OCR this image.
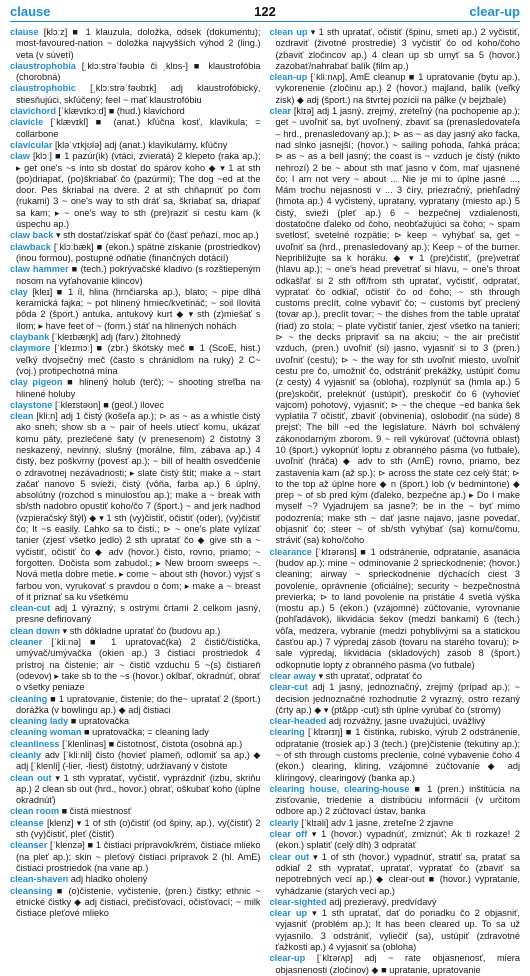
clause	122	clear-up

clause [klɔːz] ■ 1 klauzula, doložka, odsek (dokumentu); most-favoured-nation ~ doložka najvyšších výhod 2 (ling.) veta (v súvetí)

claustrophobia [ˌklɔːstrəˈfəʊbiə či ˌklɒs-] ■ klaustrofóbia (chorobná)

claustrophobic [ˌklɔːstrəˈfəʊbɪk] adj klaustrofóbický, stiesňujúci, skľúčený; feel ~ mať klaustrofóbiu

clavichord [ˈklævɪkɔːd] ■ (hud.) klavichord

clavicle [ˈklævɪkl] ■ (anat.) kľúčna kosť, klavikula; = collarbone

clavicular [kləˈvɪkjʊlə] adj (anat.) klavikulárny, kľúčny

claw [klɔː] ■ 1 pazúr(ik) (vtáci, zvieratá) 2 klepeto (raka ap.); ▸ get one's ~s into sb dostať do spárov koho ◆ ▾ 1 at sth (po)driapať, (po)škriabať čo (pazúrmi); The dog ~ed at the door. Pes škriabal na dvere. 2 at sth chňapnúť po čom (rukami) 3 ~ one's way to sth dráť sa, škriabať sa, driapať sa kam; ▸ ~ one's way to sth (pre)raziť si cestu kam (k úspechu ap.)

claw back ▾ sth dostať/získať späť čo (časť peňazí, moc ap.)

clawback [ˈklɔːbæk] ■ (ekon.) spätné získanie (prostriedkov) (inou formou), postupné odňatie (finančných dotácií)

claw hammer ■ (tech.) pokrývačské kladivo (s rozštiepeným nosom na vyťahovanie klincov)

clay [kleɪ] ■ 1 íl, hlina (hrnčiarska ap.), blato; ~ pipe dlhá keramická fajka; ~ pot hlinený hrniec/kvetináč; ~ soil ílovitá pôda 2 (šport.) antuka, antukový kurt ◆ ▾ sth (z)miešať s ílom; ▸ have feet of ~ (form.) stáť na hlinených nohách

claybank [ˈkleɪbæŋk] adj (farv.) žltohnedý

claymore [ˈkleɪmɔː] ■ (zbr.) škótsky meč ■ 1 (ScoE, hist.) veľký dvojsečný meč (často s chránidlom na ruky) 2 C~ (voj.) protipechotná mína

clay pigeon ■ hlinený holub (terč); ~ shooting streľba na hlinené holuby

claystone [ˈkleɪstəʊn] ■ (geol.) ílovec

clean [kliːn] adj 1 čistý (košeľa ap.); ⊳ as ~ as a whistle čistý ako sneh; show sb a ~ pair of heels utiecť komu, ukázať komu päty, prezlečené šaty (v prenesenom) 2 čistotný 3 neskazený, nevinný, slušný (morálne, film, zábava ap.) 4 čistý, bez poškvrny (povesť ap.); ~ bill of health osvedčenie o zdravotnej nezávadnosti; ▸ slate čistý štít; make a ~ start začať nanovo 5 svieži, čistý (vôňa, farba ap.) 6 úplný, absolútny (rozchod s minulosťou ap.); make a ~ break with sb/sth nadobro opustiť koho/čo 7 (šport.) ~ and jerk nadhod (vzpieračský štýl) ◆ ▾ 1 sth (vy)čistiť, očistiť (oder), (vy)čistiť čo; It ~s easily. Ľahko sa to čistí.; ⊳ ~ one's plate vylízať tanier (zjesť všetko jedlo) 2 sth upratať čo ◆ give sth a ~ vyčistiť, očistiť čo ◆ adv (hovor.) čisto, rovno, priamo; ~ forgotten. Dočista som zabudol.; ▸ New broom sweeps ~. Nová metla dobre metie. ▸ come ~ about sth (hovor.) vyjsť s farbou von, vyrukovať s pravdou o čom; ▸ make a ~ breast of it priznať sa ku všetkému

clean-cut adj 1 výrazný, s ostrými črtami 2 celkom jasný, presne definovaný

clean down ▾ sth dôkladne upratať čo (budovu ap.)

cleaner [ˈkliːnə] ■ 1 upratovač(ka) 2 čistič/čistička, umývač/umývačka (okien ap.) 3 čistiaci prostriedok 4 prístroj na čistenie; air ~ čistič vzduchu 5 ~(s) čistiareň (odevov) ▸ take sb to the ~s (hovor.) oklbať, okradnúť, obrať o všetky peniaze

cleaning ■ 1 upratovanie, čistenie; do the~ upratať 2 (šport.) dorážka (v bowlingu ap.) ◆ adj čistiaci

cleaning lady ■ upratovačka

cleaning woman ■ upratovačka; = cleaning lady

cleanliness [ˈklenlinəs] ■ čistotnosť, čistota (osobná ap.)

cleanly adv [ˈkliːnli] čisto (hovieť plameň, odlomiť sa ap.) ◆ adj [ˈklenli] (-lier, -liest) čistotný, udržiavaný v čistote

clean out ▾ 1 sth vypratať, vyčistiť, vyprázdniť (izbu, skriňu ap.) 2 clean sb out (hrd., hovor.) obrať, oškubať koho (úplne okradnúť)

clean room ■ čistá miestnosť

cleanse [klenz] ▾ 1 of sth (o)čistiť (od špiny, ap.), vy(čistiť) 2 sth (vy)čistiť, pleť (čistiť)

cleanser [ˈklenzə] ■ 1 čistiaci prípravok/krém, čistiace mlieko (na pleť ap.); skin ~ pleťový čistiaci prípravok 2 (hl. AmE) čistiaci prostriedok (na vane ap.)

clean-shaven adj hladko oholený

cleansing ■ (o)čistenie, vyčistenie, (pren.) čistky; ethnic ~ etnické čistky ◆ adj čistiaci, prečisťovací, očisťovací; ~ milk čistiace pleťové mlieko

clean up ▾ 1 sth upratať, očistiť (špinu, smeti ap.) 2 vyčistiť, ozdraviť (životné prostredie) 3 vyčistiť čo od koho/čoho (zbaviť zločincov ap.) 4 clean up sb umyť sa 5 (hovor.) zazobať/nahrabať balík (film ap.)

clean-up [ˈkliːnʌp], AmE cleanup ■ 1 upratovanie (bytu ap.), vykorenenie (zločinu ap.) 2 (hovor.) majland, balík (veľký zisk) ◆ adj (šport.) na štvrtej pozícii na pálke (v bejzbale)

clear [klɪə] adj 1 jasný, zrejmý, zreteľný (na pochopenie ap.); get ~ uvoľniť sa, byť uvoľnený, zbaviť sa (prenasledovateľa – hrd., prenasledovaný ap.); ⊳ as ~ as day jasný ako facka, nad slnko jasnejší; (hovor.) ~ sailing pohoda, ľahká práca; ⊳ as ~ as a bell jasný; the coast is ~ vzduch je čistý (nikto nehrozí) 2 be ~ about sth mať jasno v čom, mať ujasnené čo; I am not very ~ about ... Nie je mi to úplne jasné ..., Mám trochu nejasnosti v ... 3 číry, priezračný, priehľadný (hmota ap.) 4 vyčistený, upratany, vypratany (miesto ap.) 5 čistý, svieži (pleť ap.) 6 ~ bezpečnej vzdialenosti, dostatočne ďaleko od čoho, neobťažujúci sa čoho; ~ spam svetlosť, svetelné rozpätie; ⊳ keep ~ vyhýbať sa, get ~ uvoľniť sa (hrd., prenasledovaný ap.); Keep ~ of the burner. Nepribližujte sa k horáku. ◆ ▾ 1 (pre)čistiť, (pre)vetrať (hlavu ap.); ~ one's head prevetrať si hlavu, ~ one's throat odkašľať si 2 sth off/from sth upratať, vyčistiť, odpratať, vypratať čo odkiaľ, očistiť čo od čoho; ~ sth through customs preclít, colne vybaviť čo; ~ customs byť preclený (tovar ap.), preclít tovar; ~ the dishes from the table upratať (riad) zo stola; ~ plate vyčistiť tanier, zjesť všetko na tanieri; ⊳ ~ the decks pripraviť sa na akciu; ~ the air prečistiť vzduch, (pren.) uvoľniť (si) jasno, vyjasniť si to 3 (pren.) uvoľniť (cestu); ⊳ ~ the way for sth uvoľniť miesto, uvoľniť cestu pre čo, umožniť čo, odstrániť prekážky, ustúpiť čomu (z cesty) 4 vyjasniť sa (obloha), rozplynúť sa (hmla ap.) 5 (pre)skočiť, preleknúť (ustúpiť), preskočiť čo 6 (vyhovieť vajcom) pohotový, vyjasniť; ⊳ ~ the cheque ~ed banka šek vyplatila 7 očistiť, zbaviť (obvinenia), oslobodiť (na súde) 8 prejsť; The bill ~ed the legislature. Návrh bol schválený zákonodarným zborom. 9 ~ rell vykúrovať (účtovná oblast) 10 (šport.) vykopnúť loptu z obranného pásma (vo futbale), uvoľniť (hráča) ◆ adv to sth (AmE) rovno, priamo, bez zastavenia kam (až sp.); ⊳ across the state cez celý štát; ⊳ to the top až úplne hore ◆ n (šport.) lob (v bedmintone) ◆ prep ~ of sb pred kým (ďaleko, bezpečne ap.) ▸ Do I make myself ~? Vyjadrujem sa jasne?; be in the ~ byť mimo podozrenia; make sth ~ dať jasne najavo, jasne povedať, objasniť čo; steer ~ of sb/sth vyhýbať (sa) komu/čomu, stráviť (sa) koho/čoho

clearance [ˈklɪərəns] ■ 1 odstránenie, odpratanie, asanácia (budov ap.); mine ~ odminovanie 2 sprieckodnenie; (hovor.) cleaning; airway ~ sprieckodnenie dýchacích ciest 3 povolenie, oprávnenie (oficiálne); security ~ bezpečnostná previerka; ⊳ to land povolenie na pristátie 4 svetlá výška (mostu ap.) 5 (ekon.) (vzájomné) zúčtovanie, vyrovnanie (pohľadávok), likvidácia šekov (medzi bankami) 6 (tech.) vôľa, medzera, vybranie (medzi pohyblivými sa a statickou časťou ap.) 7 výpredaj zásob (tovaru na starého tovaru); ⊳ sale výpredaj, likvidácia (skladových) zásob 8 (šport.) odkopnutie lopty z obranného pásma (vo futbale)

clear away ▾ sth upratať, odpratať čo

clear-cut adj 1 jasný, jednoznačný, zrejmý (prípad ap.); ~ decision jednoznačné rozhodnutie 2 vyrazný, ostro rezaný (črty ap.) ◆ ▾ (pt&pp -cut) sth úplne vyrúbať čo (stromy)

clear-headed adj rozvážny, jasne uvažujúci, uvážlivý

clearing [ˈklɪərɪŋ] ■ 1 čistinka, rubisko, výrub 2 odstránenie, odpratanie (trosiek ap.) 3 (tech.) (pre)čistenie (tekutiny ap.); ~ of sth through customs preclenie, colné vybavenie čoho 4 (ekon.) clearing, kliring, vzájomné zúčtovanie ◆ adj klíringový, clearingový (banka ap.)

clearing house, clearing-house ■ 1 (pren.) inštitúcia na zisťovanie, triedenie a distribúciu informácií (v určitom odbore ap.) 2 zúčtovací ústav, banka

clearly [ˈklɪəli] adv 1 jasne, zreteľne 2 zjavne

clear off ▾ 1 (hovor.) vypadnúť, zmiznúť; Ak ti rozkaze! 2 (ekon.) splatiť (celý dlh) 3 odpratať

clear out ▾ 1 of sth (hovor.) vypadnúť, stratiť sa, pratať sa odkiaľ 2 sth vypratať, upratať, vypratať čo (zbaviť sa nepotrebných vecí ap.) ◆ clear-out ■ (hovor.) vypratanie, vyhádzanie (starých vecí ap.)

clear-sighted adj prezieravý, predvídavý

clear up ▾ 1 sth upratať, dať do poriadku čo 2 objasniť, vyjasniť (problém ap.); It has been cleared up. To sa už vyjasnilo. 3 odstrániť, vyliečiť (sa), ustúpiť (zdravotné ťažkosti ap.) 4 vyjasniť sa (obloha)

clear-up [ˈklɪərʌp] adj ~ rate objasnenosť, miera objasnenosti (zločinov) ◆ ■ upratanie, upratovanie
